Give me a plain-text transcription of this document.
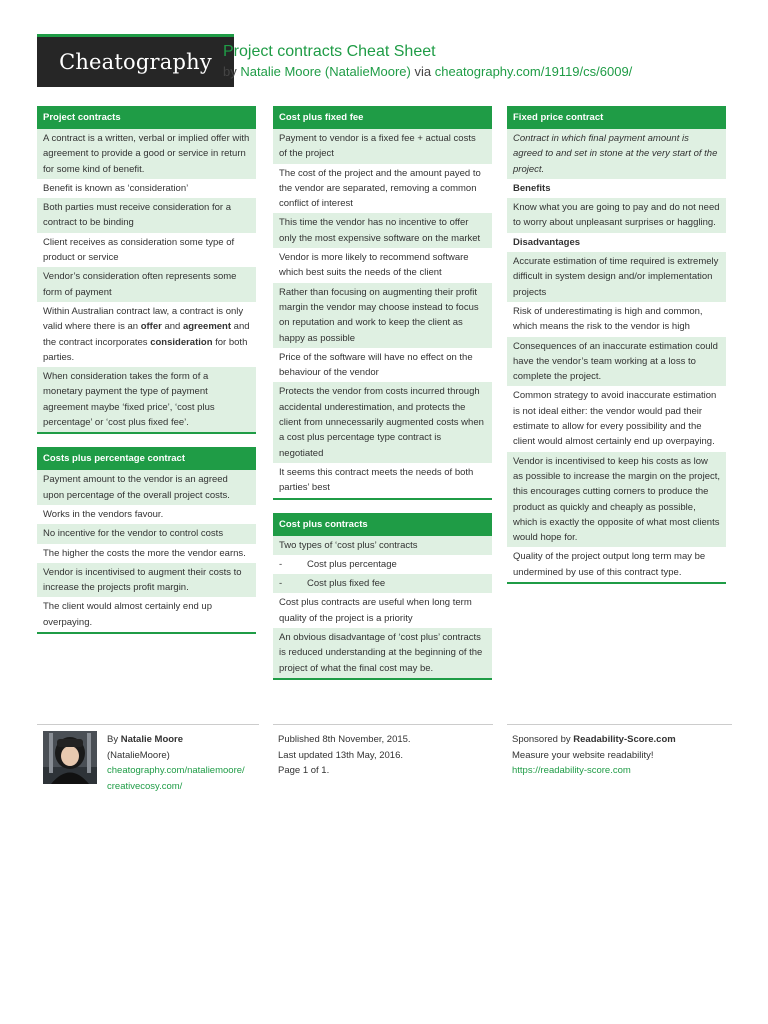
Cheatography Project contracts Cheat Sheet
by Natalie Moore (NatalieMoore) via cheatography.com/19119/cs/6009/
Project contracts
A contract is a written, verbal or implied offer with agreement to provide a good or service in return for some kind of benefit.
Benefit is known as ‘consideration’
Both parties must receive consideration for a contract to be binding
Client receives as consideration some type of product or service
Vendor’s consideration often represents some form of payment
Within Australian contract law, a contract is only valid where there is an offer and agreement and the contract incorporates consideration for both parties.
When consideration takes the form of a monetary payment the type of payment agreement maybe ‘fixed price’, ‘cost plus percentage’ or ‘cost plus fixed fee’.
Costs plus percentage contract
Payment amount to the vendor is an agreed upon percentage of the overall project costs.
Works in the vendors favour.
No incentive for the vendor to control costs
The higher the costs the more the vendor earns.
Vendor is incentivised to augment their costs to increase the projects profit margin.
The client would almost certainly end up overpaying.
Cost plus fixed fee
Payment to vendor is a fixed fee + actual costs of the project
The cost of the project and the amount payed to the vendor are separated, removing a common conflict of interest
This time the vendor has no incentive to offer only the most expensive software on the market
Vendor is more likely to recommend software which best suits the needs of the client
Rather than focusing on augmenting their profit margin the vendor may choose instead to focus on reputation and work to keep the client as happy as possible
Price of the software will have no effect on the behaviour of the vendor
Protects the vendor from costs incurred through accidental underestimation, and protects the client from unnecessarily augmented costs when a cost plus percentage type contract is negotiated
It seems this contract meets the needs of both parties’ best
Cost plus contracts
Two types of ‘cost plus’ contracts
-	Cost plus percentage
-	Cost plus fixed fee
Cost plus contracts are useful when long term quality of the project is a priority
An obvious disadvantage of ‘cost plus’ contracts is reduced understanding at the beginning of the project of what the final cost may be.
Fixed price contract
Contract in which final payment amount is agreed to and set in stone at the very start of the project.
Benefits
Know what you are going to pay and do not need to worry about unpleasant surprises or haggling.
Disadvantages
Accurate estimation of time required is extremely difficult in system design and/or implementation projects
Risk of underestimating is high and common, which means the risk to the vendor is high
Consequences of an inaccurate estimation could have the vendor’s team working at a loss to complete the project.
Common strategy to avoid inaccurate estimation is not ideal either: the vendor would pad their estimate to allow for every possibility and the client would almost certainly end up overpaying.
Vendor is incentivised to keep his costs as low as possible to increase the margin on the project, this encourages cutting corners to produce the product as quickly and cheaply as possible, which is exactly the opposite of what most clients would hope for.
Quality of the project output long term may be undermined by use of this contract type.
By Natalie Moore
(NatalieMoore)
cheatography.com/nataliemoore/
creativecosy.com/
Published 8th November, 2015.
Last updated 13th May, 2016.
Page 1 of 1.
Sponsored by Readability-Score.com
Measure your website readability!
https://readability-score.com
